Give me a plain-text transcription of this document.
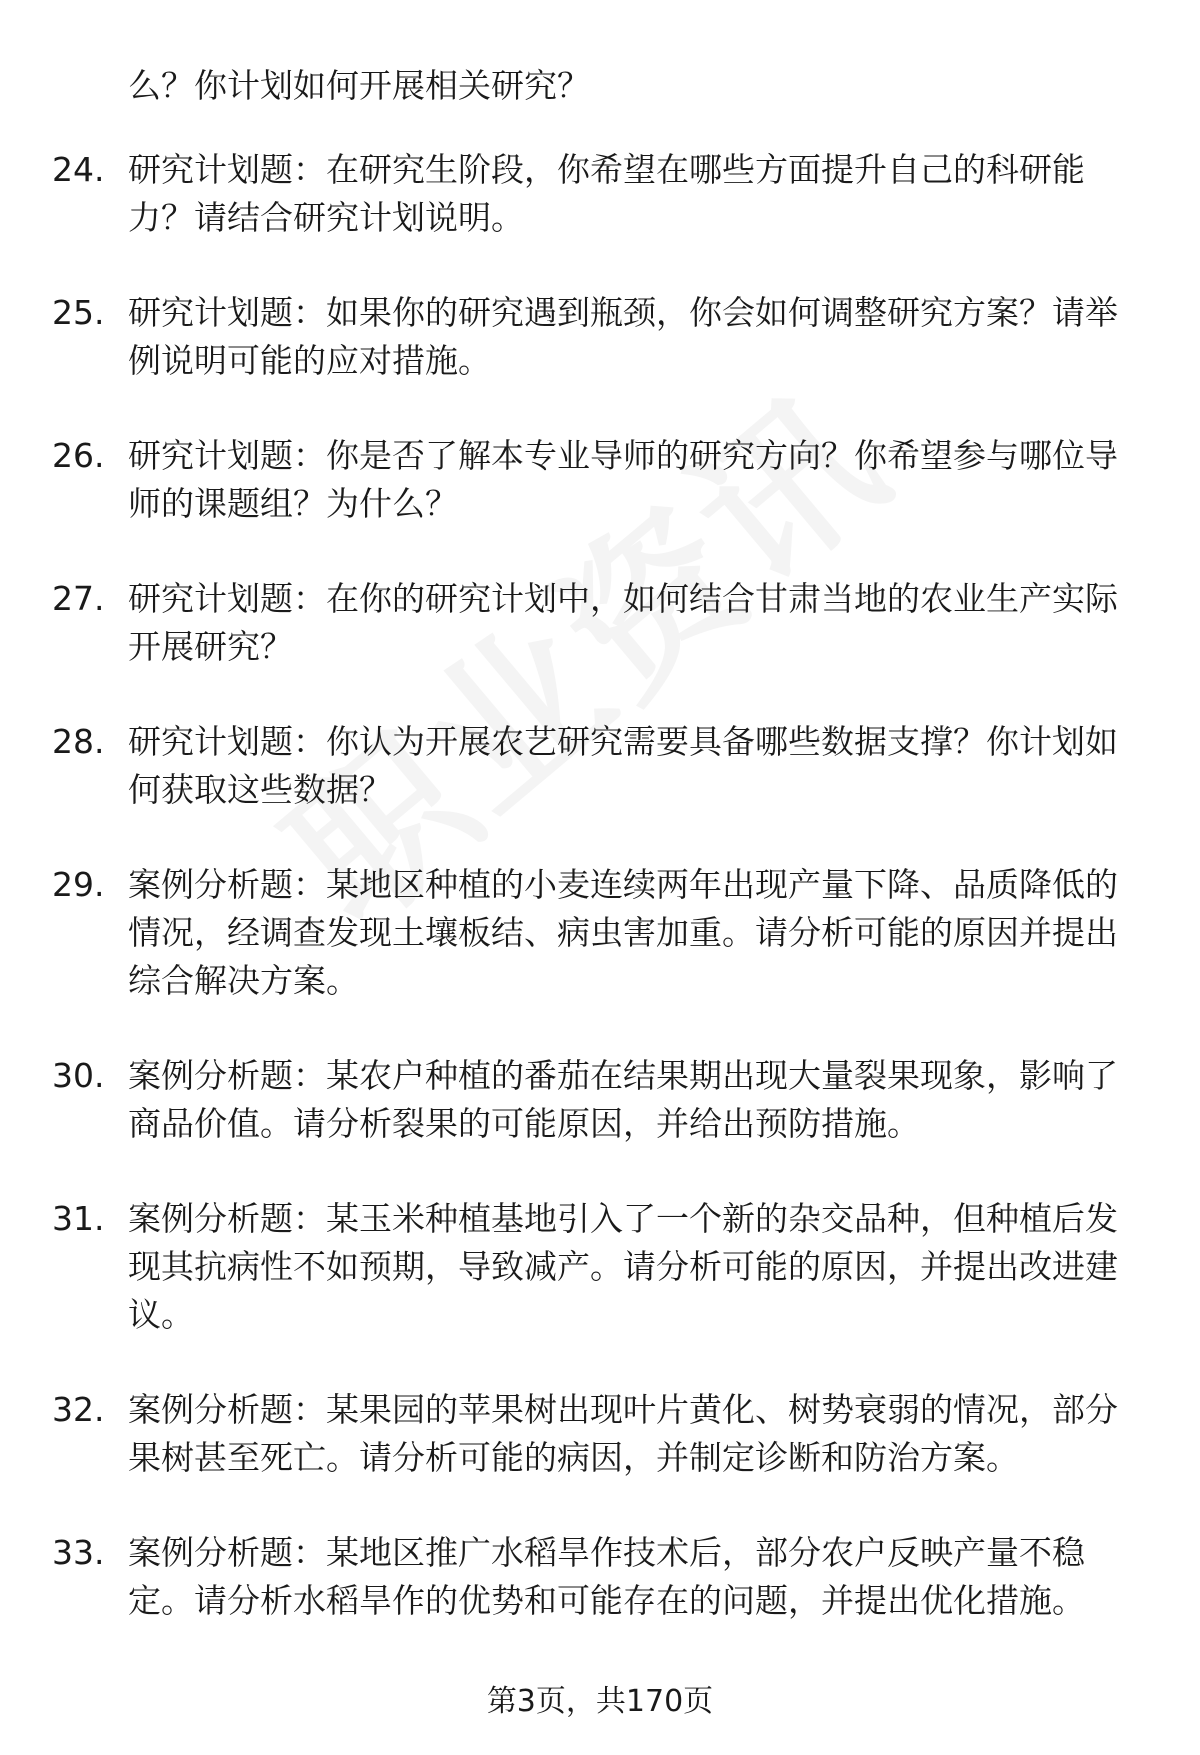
么？你计划如何开展相关研究？
24. 研究计划题：在研究生阶段，你希望在哪些方面提升自己的科研能力？请结合研究计划说明。
25. 研究计划题：如果你的研究遇到瓶颈，你会如何调整研究方案？请举例说明可能的应对措施。
26. 研究计划题：你是否了解本专业导师的研究方向？你希望参与哪位导师的课题组？为什么？
27. 研究计划题：在你的研究计划中，如何结合甘肃当地的农业生产实际开展研究？
28. 研究计划题：你认为开展农艺研究需要具备哪些数据支撑？你计划如何获取这些数据？
29. 案例分析题：某地区种植的小麦连续两年出现产量下降、品质降低的情况，经调查发现土壤板结、病虫害加重。请分析可能的原因并提出综合解决方案。
30. 案例分析题：某农户种植的番茄在结果期出现大量裂果现象，影响了商品价值。请分析裂果的可能原因，并给出预防措施。
31. 案例分析题：某玉米种植基地引入了一个新的杂交品种，但种植后发现其抗病性不如预期，导致减产。请分析可能的原因，并提出改进建议。
32. 案例分析题：某果园的苹果树出现叶片黄化、树势衰弱的情况，部分果树甚至死亡。请分析可能的病因，并制定诊断和防治方案。
33. 案例分析题：某地区推广水稻旱作技术后，部分农户反映产量不稳定。请分析水稻旱作的优势和可能存在的问题，并提出优化措施。
第3页，共170页
